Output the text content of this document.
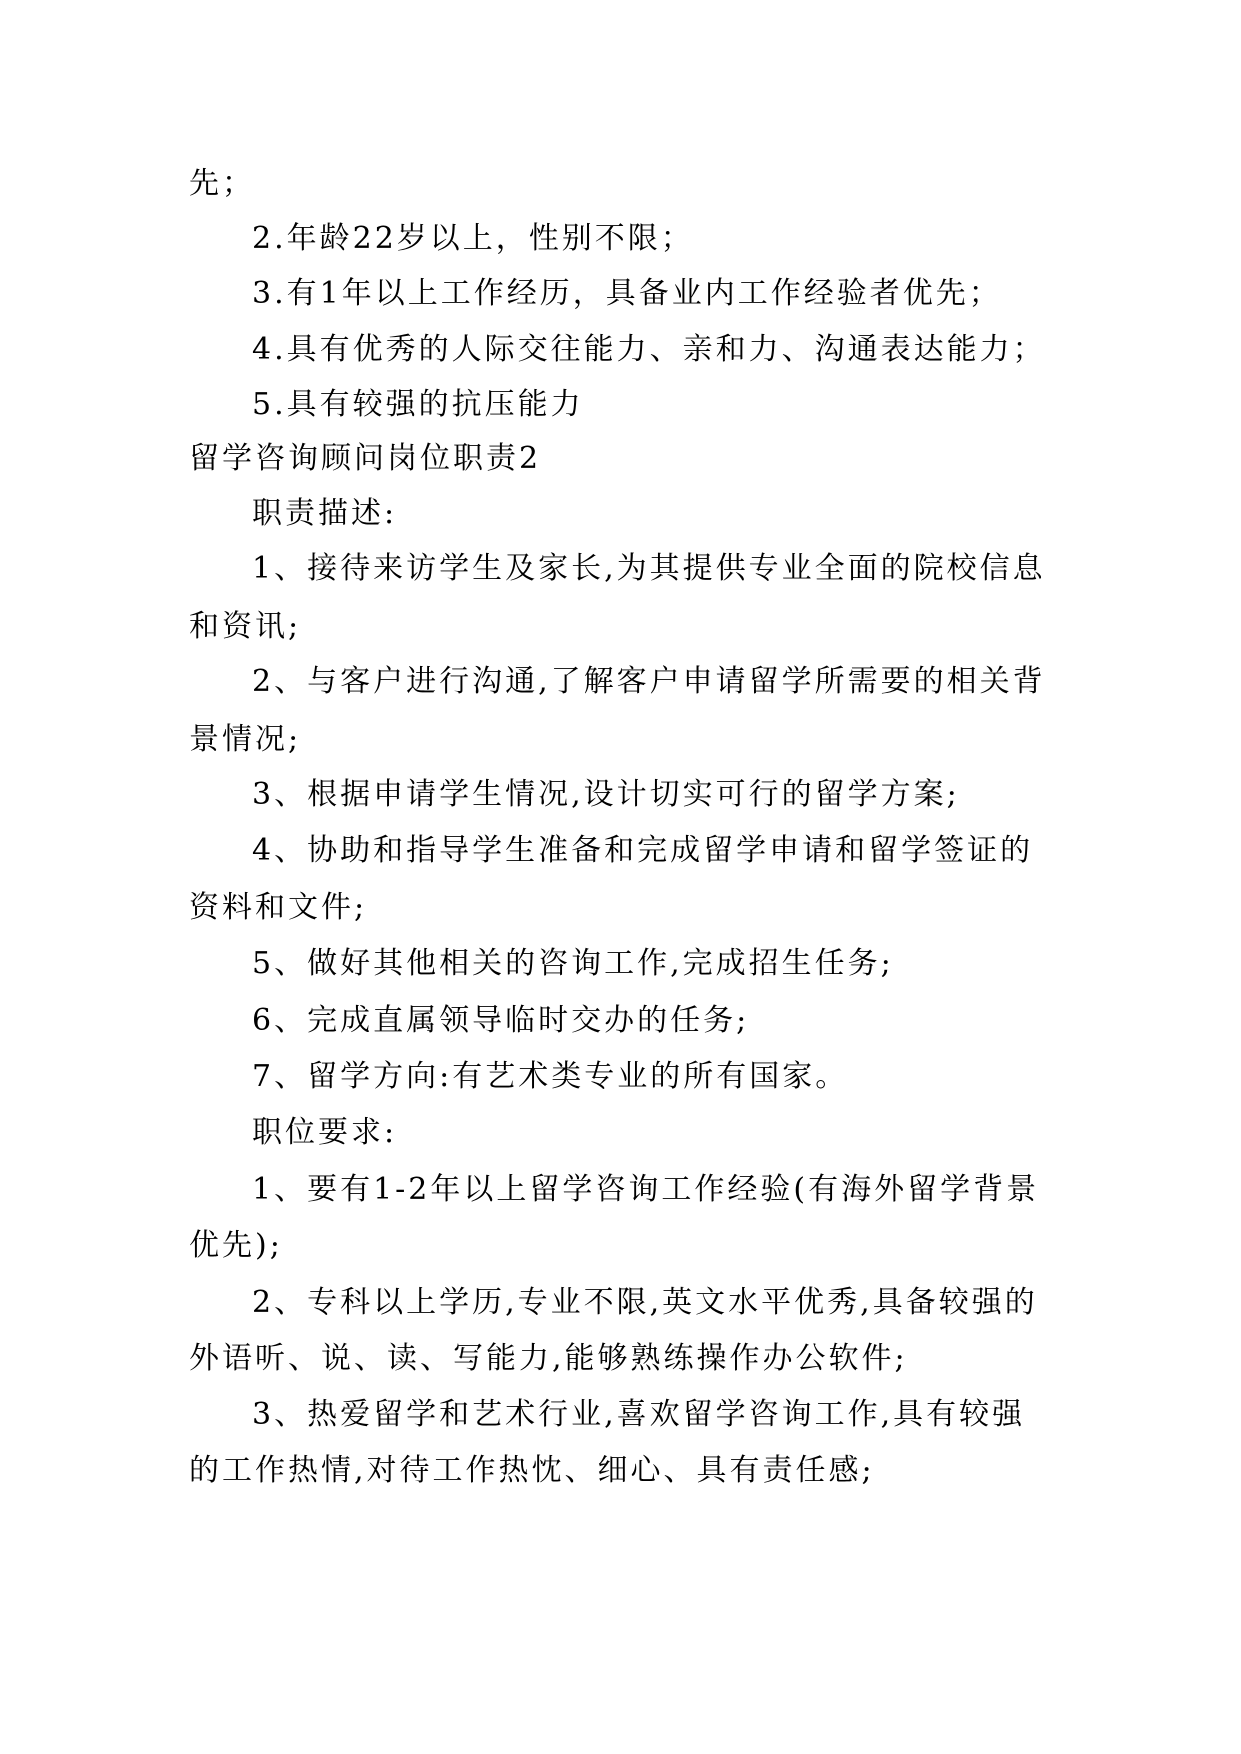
先；
2.年龄22岁以上，性别不限；
3.有1年以上工作经历，具备业内工作经验者优先；
4.具有优秀的人际交往能力、亲和力、沟通表达能力；
5.具有较强的抗压能力
留学咨询顾问岗位职责2
职责描述:
1、接待来访学生及家长,为其提供专业全面的院校信息
和资讯;
2、与客户进行沟通,了解客户申请留学所需要的相关背
景情况;
3、根据申请学生情况,设计切实可行的留学方案;
4、协助和指导学生准备和完成留学申请和留学签证的
资料和文件;
5、做好其他相关的咨询工作,完成招生任务;
6、完成直属领导临时交办的任务;
7、留学方向:有艺术类专业的所有国家。
职位要求:
1、要有1-2年以上留学咨询工作经验(有海外留学背景
优先);
2、专科以上学历,专业不限,英文水平优秀,具备较强的
外语听、说、读、写能力,能够熟练操作办公软件;
3、热爱留学和艺术行业,喜欢留学咨询工作,具有较强
的工作热情,对待工作热忱、细心、具有责任感;
